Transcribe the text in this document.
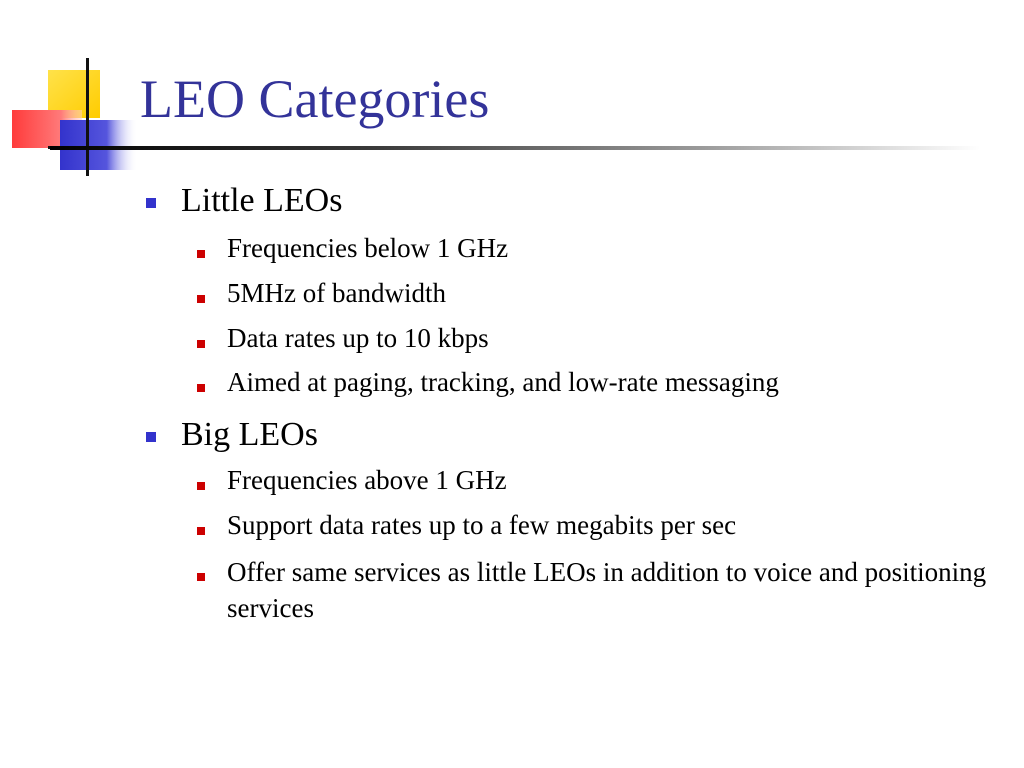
LEO Categories
Little LEOs
Frequencies below 1 GHz
5MHz of bandwidth
Data rates up to 10 kbps
Aimed at paging, tracking, and low-rate messaging
Big LEOs
Frequencies above 1 GHz
Support data rates up to a few megabits per sec
Offer same services as little LEOs in addition to voice and positioning services
